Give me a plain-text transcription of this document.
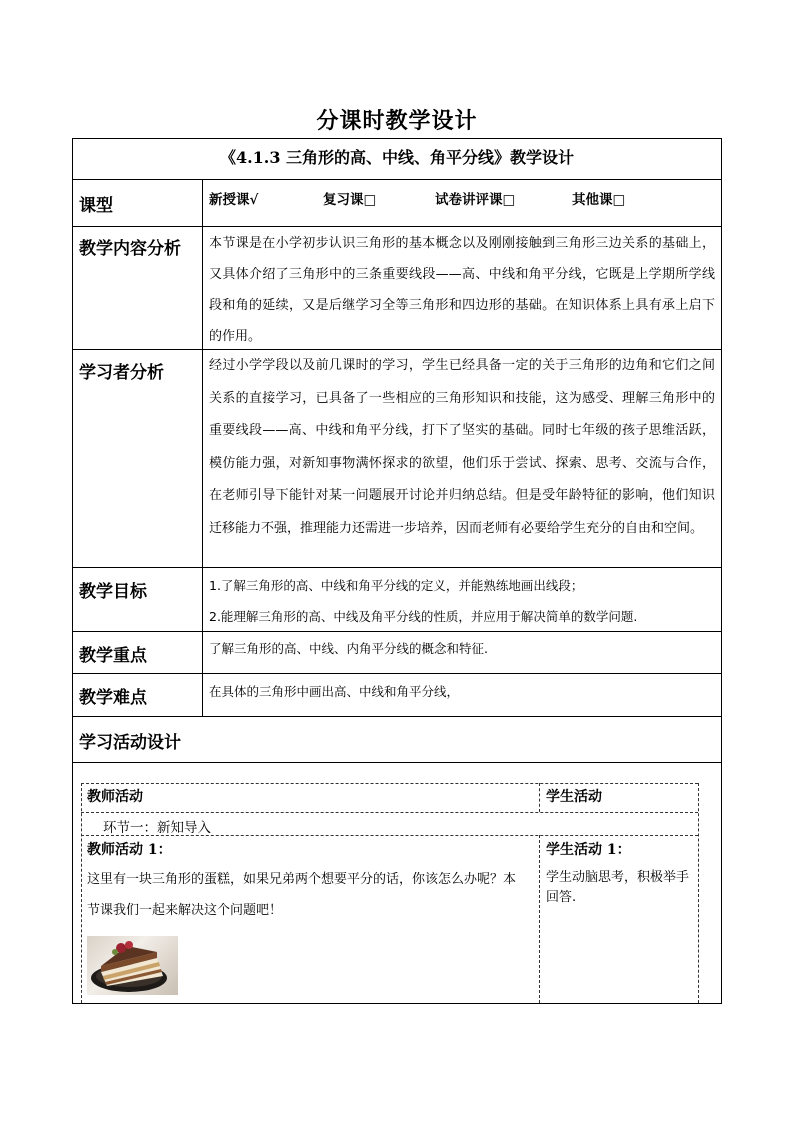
分课时教学设计
《4.1.3 三角形的高、中线、角平分线》教学设计
课型	新授课√	复习课□	试卷讲评课□	其他课□
教学内容分析 本节课是在小学初步认识三角形的基本概念以及刚刚接触到三角形三边关系的基础上，又具体介绍了三角形中的三条重要线段——高、中线和角平分线，它既是上学期所学线段和角的延续，又是后继学习全等三角形和四边形的基础。在知识体系上具有承上启下的作用。
学习者分析	经过小学学段以及前几课时的学习，学生已经具备一定的关于三角形的边角和它们之间关系的直接学习，已具备了一些相应的三角形知识和技能，这为感受、理解三角形中的重要线段——高、中线和角平分线，打下了坚实的基础。同时七年级的孩子思维活跃，模仿能力强，对新知事物满怀探求的欲望，他们乐于尝试、探索、思考、交流与合作，在老师引导下能针对某一问题展开讨论并归纳总结。但是受年龄特征的影响，他们知识迁移能力不强，推理能力还需进一步培养，因而老师有必要给学生充分的自由和空间。
教学目标	1.了解三角形的高、中线和角平分线的定义，并能熟练地画出线段；
2.能理解三角形的高、中线及角平分线的性质，并应用于解决简单的数学问题.
教学重点	了解三角形的高、中线、内角平分线的概念和特征.
教学难点	在具体的三角形中画出高、中线和角平分线，
学习活动设计
教师活动	学生活动
环节一：新知导入
教师活动 1：
这里有一块三角形的蛋糕，如果兄弟两个想要平分的话，你该怎么办呢？本节课我们一起来解决这个问题吧！
学生活动 1：
学生动脑思考，积极举手回答.
